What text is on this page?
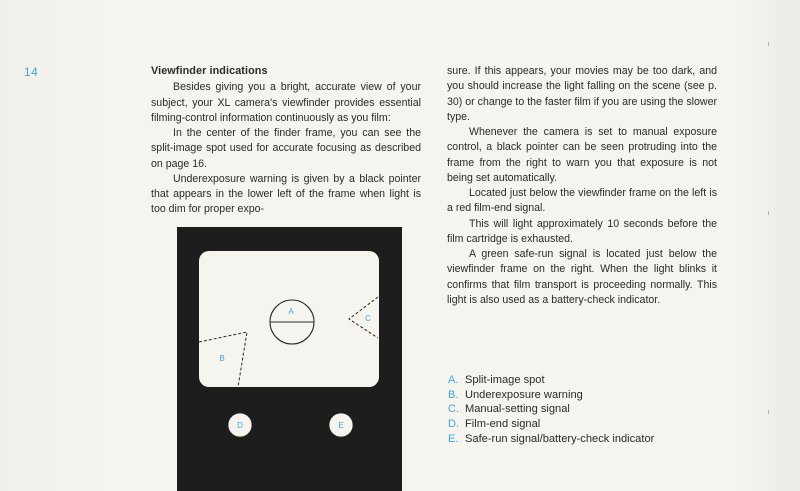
14	Viewfinder indications

Besides giving you a bright, accurate view of your subject, your XL camera's viewfinder provides essential filming-control information continuously as you film:

In the center of the finder frame, you can see the split-image spot used for accurate focusing as described on page 16.

Underexposure warning is given by a black pointer that appears in the lower left of the frame when light is too dim for proper expo-

sure. If this appears, your movies may be too dark, and you should increase the light falling on the scene (see p. 30) or change to the faster film if you are using the slower type.

Whenever the camera is set to manual exposure control, a black pointer can be seen protruding into the frame from the right to warn you that exposure is not being set automatically.

Located just below the viewfinder frame on the left is a red film-end signal.

This will light approximately 10 seconds before the film cartridge is exhausted.

A green safe-run signal is located just below the viewfinder frame on the right. When the light blinks it confirms that film transport is proceeding normally. This light is also used as a battery-check indicator.

A
C
B
D	E
A. Split-image spot
B. Underexposure warning
C. Manual-setting signal
D. Film-end signal
E. Safe-run signal/battery-check indicator
